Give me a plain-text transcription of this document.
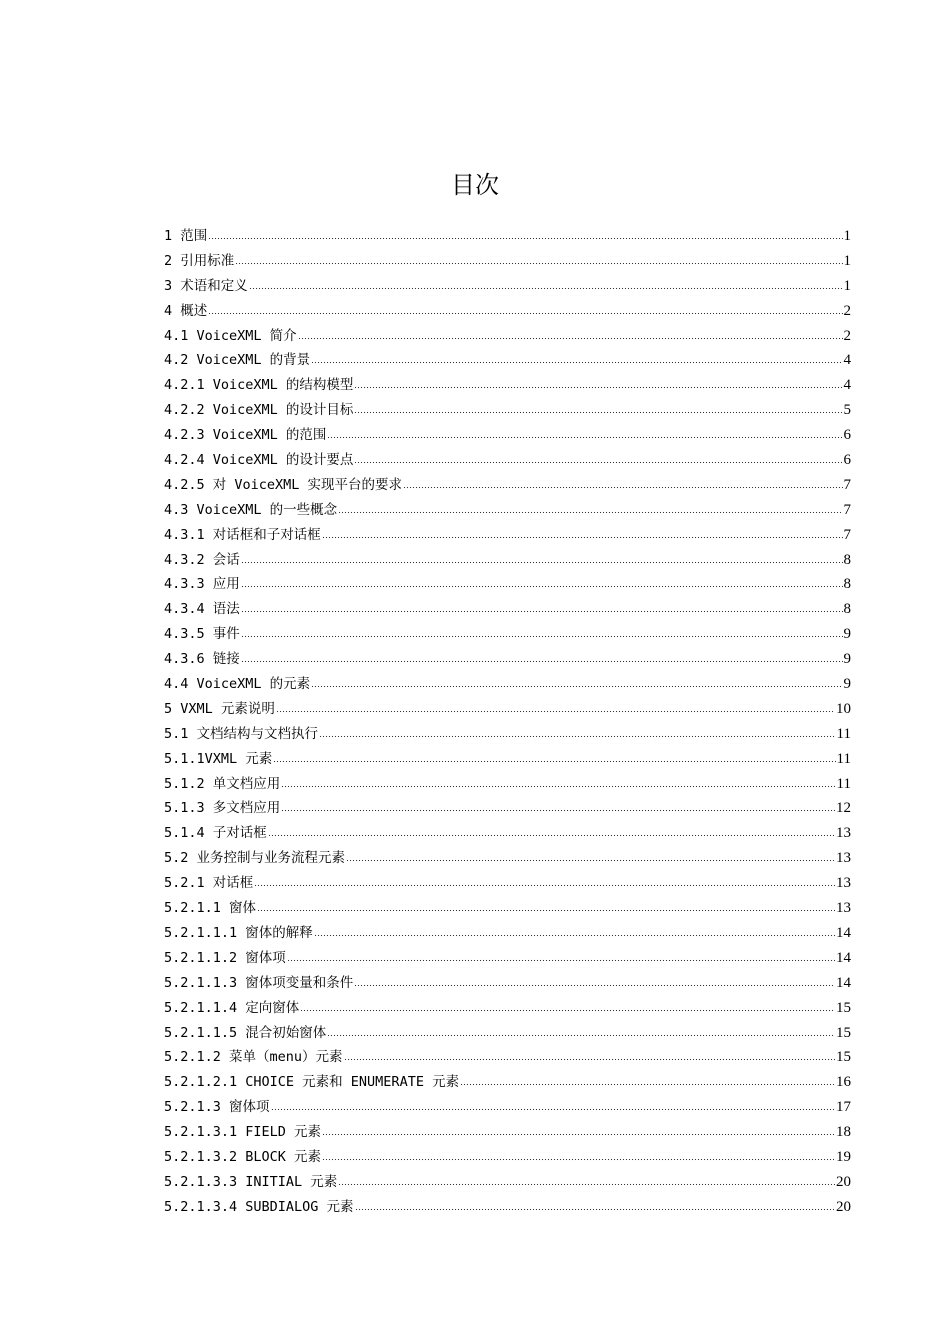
目次
1 范围	1
2 引用标准	1
3 术语和定义	1
4 概述	2
4.1 VoiceXML 简介	2
4.2 VoiceXML 的背景	4
4.2.1 VoiceXML 的结构模型	4
4.2.2 VoiceXML 的设计目标	5
4.2.3 VoiceXML 的范围	6
4.2.4 VoiceXML 的设计要点	6
4.2.5 对 VoiceXML 实现平台的要求	7
4.3 VoiceXML 的一些概念	7
4.3.1 对话框和子对话框	7
4.3.2 会话	8
4.3.3 应用	8
4.3.4 语法	8
4.3.5 事件	9
4.3.6 链接	9
4.4 VoiceXML 的元素	9
5 VXML 元素说明	10
5.1 文档结构与文档执行	11
5.1.1VXML 元素	11
5.1.2 单文档应用	11
5.1.3 多文档应用	12
5.1.4 子对话框	13
5.2 业务控制与业务流程元素	13
5.2.1 对话框	13
5.2.1.1 窗体	13
5.2.1.1.1 窗体的解释	14
5.2.1.1.2 窗体项	14
5.2.1.1.3 窗体项变量和条件	14
5.2.1.1.4 定向窗体	15
5.2.1.1.5 混合初始窗体	15
5.2.1.2 菜单（menu）元素	15
5.2.1.2.1 CHOICE 元素和 ENUMERATE 元素	16
5.2.1.3 窗体项	17
5.2.1.3.1 FIELD 元素	18
5.2.1.3.2 BLOCK 元素	19
5.2.1.3.3 INITIAL 元素	20
5.2.1.3.4 SUBDIALOG 元素	20
